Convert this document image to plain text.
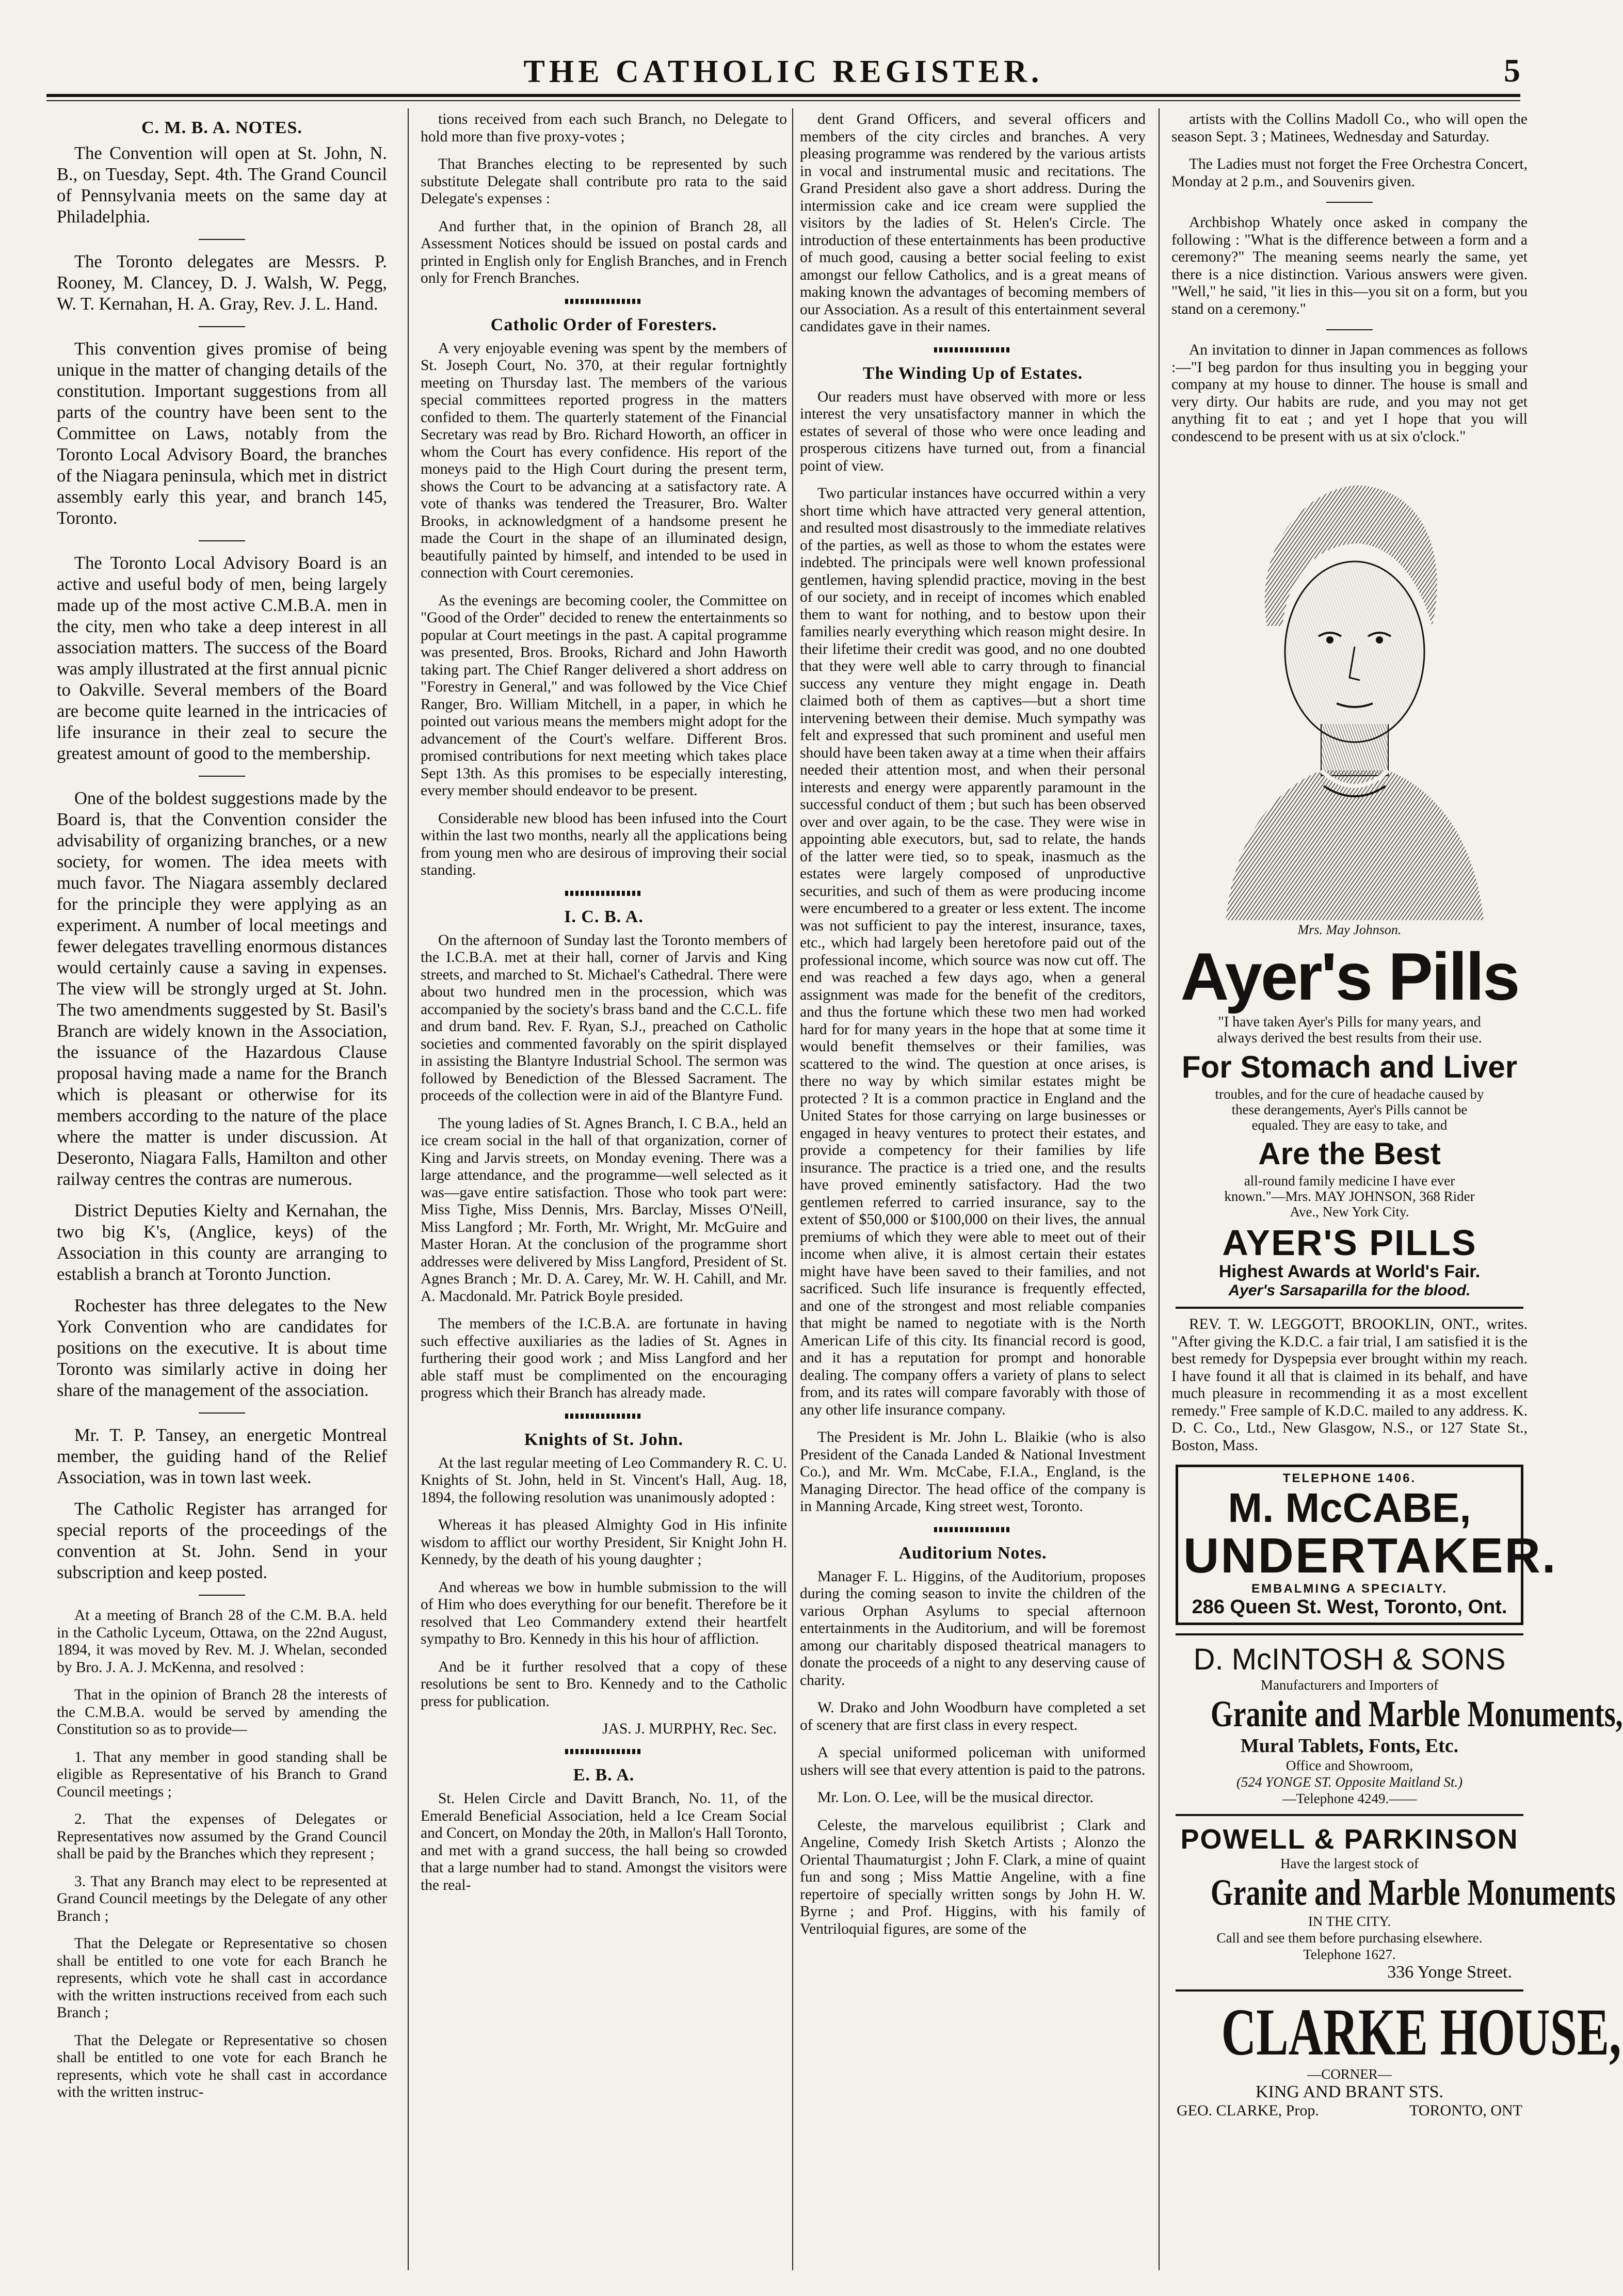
THE CATHOLIC REGISTER.	5
C. M. B. A. NOTES.

The Convention will open at St. John, N. B., on Tuesday, Sept. 4th. The Grand Council of Pennsylvania meets on the same day at Philadelphia.

The Toronto delegates are Messrs. P. Rooney, M. Clancey, D. J. Walsh, W. Pegg, W. T. Kernahan, H. A. Gray, Rev. J. L. Hand.

This convention gives promise of being unique in the matter of changing details of the constitution. Important suggestions from all parts of the country have been sent to the Committee on Laws, notably from the Toronto Local Advisory Board, the branches of the Niagara peninsula, which met in district assembly early this year, and branch 145, Toronto.

The Toronto Local Advisory Board is an active and useful body of men, being largely made up of the most active C.M.B.A. men in the city, men who take a deep interest in all association matters. The success of the Board was amply illustrated at the first annual picnic to Oakville. Several members of the Board are become quite learned in the intricacies of life insurance in their zeal to secure the greatest amount of good to the membership.

One of the boldest suggestions made by the Board is, that the Convention consider the advisability of organizing branches, or a new society, for women. The idea meets with much favor. The Niagara assembly declared for the principle they were applying as an experiment. A number of local meetings and fewer delegates travelling enormous distances would certainly cause a saving in expenses. The view will be strongly urged at St. John. The two amendments suggested by St. Basil's Branch are widely known in the Association, the issuance of the Hazardous Clause proposal having made a name for the Branch which is pleasant or otherwise for its members according to the nature of the place where the matter is under discussion. At Deseronto, Niagara Falls, Hamilton and other railway centres the contras are numerous.

District Deputies Kielty and Kernahan, the two big K's, (Anglice, keys) of the Association in this county are arranging to establish a branch at Toronto Junction.

Rochester has three delegates to the New York Convention who are candidates for positions on the executive. It is about time Toronto was similarly active in doing her share of the management of the association.

Mr. T. P. Tansey, an energetic Montreal member, the guiding hand of the Relief Association, was in town last week.

The Catholic Register has arranged for special reports of the proceedings of the convention at St. John. Send in your subscription and keep posted.

At a meeting of Branch 28 of the C.M. B.A. held in the Catholic Lyceum, Ottawa, on the 22nd August, 1894, it was moved by Rev. M. J. Whelan, seconded by Bro. J. A. J. McKenna, and resolved :

That in the opinion of Branch 28 the interests of the C.M.B.A. would be served by amending the Constitution so as to provide—

1. That any member in good standing shall be eligible as Representative of his Branch to Grand Council meetings ;

2. That the expenses of Delegates or Representatives now assumed by the Grand Council shall be paid by the Branches which they represent ;

3. That any Branch may elect to be represented at Grand Council meetings by the Delegate of any other Branch ;

That the Delegate or Representative so chosen shall be entitled to one vote for each Branch he represents, which vote he shall cast in accordance with the written instructions received from each such Branch ;

That the Delegate or Representative so chosen shall be entitled to one vote for each Branch he represents, which vote he shall cast in accordance with the written instruc-

tions received from each such Branch, no Delegate to hold more than five proxy-votes ;

That Branches electing to be represented by such substitute Delegate shall contribute pro rata to the said Delegate's expenses :

And further that, in the opinion of Branch 28, all Assessment Notices should be issued on postal cards and printed in English only for English Branches, and in French only for French Branches.

Catholic Order of Foresters.

A very enjoyable evening was spent by the members of St. Joseph Court, No. 370, at their regular fortnightly meeting on Thursday last. The members of the various special committees reported progress in the matters confided to them. The quarterly statement of the Financial Secretary was read by Bro. Richard Howorth, an officer in whom the Court has every confidence. His report of the moneys paid to the High Court during the present term, shows the Court to be advancing at a satisfactory rate. A vote of thanks was tendered the Treasurer, Bro. Walter Brooks, in acknowledgment of a handsome present he made the Court in the shape of an illuminated design, beautifully painted by himself, and intended to be used in connection with Court ceremonies.

As the evenings are becoming cooler, the Committee on "Good of the Order" decided to renew the entertainments so popular at Court meetings in the past. A capital programme was presented, Bros. Brooks, Richard and John Haworth taking part. The Chief Ranger delivered a short address on "Forestry in General," and was followed by the Vice Chief Ranger, Bro. William Mitchell, in a paper, in which he pointed out various means the members might adopt for the advancement of the Court's welfare. Different Bros. promised contributions for next meeting which takes place Sept 13th. As this promises to be especially interesting, every member should endeavor to be present.

Considerable new blood has been infused into the Court within the last two months, nearly all the applications being from young men who are desirous of improving their social standing.

I. C. B. A.

On the afternoon of Sunday last the Toronto members of the I.C.B.A. met at their hall, corner of Jarvis and King streets, and marched to St. Michael's Cathedral. There were about two hundred men in the procession, which was accompanied by the society's brass band and the C.C.L. fife and drum band. Rev. F. Ryan, S.J., preached on Catholic societies and commented favorably on the spirit displayed in assisting the Blantyre Industrial School. The sermon was followed by Benediction of the Blessed Sacrament. The proceeds of the collection were in aid of the Blantyre Fund.

The young ladies of St. Agnes Branch, I. C B.A., held an ice cream social in the hall of that organization, corner of King and Jarvis streets, on Monday evening. There was a large attendance, and the programme—well selected as it was—gave entire satisfaction. Those who took part were: Miss Tighe, Miss Dennis, Mrs. Barclay, Misses O'Neill, Miss Langford ; Mr. Forth, Mr. Wright, Mr. McGuire and Master Horan. At the conclusion of the programme short addresses were delivered by Miss Langford, President of St. Agnes Branch ; Mr. D. A. Carey, Mr. W. H. Cahill, and Mr. A. Macdonald. Mr. Patrick Boyle presided.

The members of the I.C.B.A. are fortunate in having such effective auxiliaries as the ladies of St. Agnes in furthering their good work ; and Miss Langford and her able staff must be complimented on the encouraging progress which their Branch has already made.

Knights of St. John.

At the last regular meeting of Leo Commandery R. C. U. Knights of St. John, held in St. Vincent's Hall, Aug. 18, 1894, the following resolution was unanimously adopted :

Whereas it has pleased Almighty God in His infinite wisdom to afflict our worthy President, Sir Knight John H. Kennedy, by the death of his young daughter ;

And whereas we bow in humble submission to the will of Him who does everything for our benefit. Therefore be it resolved that Leo Commandery extend their heartfelt sympathy to Bro. Kennedy in this his hour of affliction.

And be it further resolved that a copy of these resolutions be sent to Bro. Kennedy and to the Catholic press for publication.

JAS. J. MURPHY, Rec. Sec.
E. B. A.

St. Helen Circle and Davitt Branch, No. 11, of the Emerald Beneficial Association, held a Ice Cream Social and Concert, on Monday the 20th, in Mallon's Hall Toronto, and met with a grand success, the hall being so crowded that a large number had to stand. Amongst the visitors were the real-

dent Grand Officers, and several officers and members of the city circles and branches. A very pleasing programme was rendered by the various artists in vocal and instrumental music and recitations. The Grand President also gave a short address. During the intermission cake and ice cream were supplied the visitors by the ladies of St. Helen's Circle. The introduction of these entertainments has been productive of much good, causing a better social feeling to exist amongst our fellow Catholics, and is a great means of making known the advantages of becoming members of our Association. As a result of this entertainment several candidates gave in their names.

The Winding Up of Estates.

Our readers must have observed with more or less interest the very unsatisfactory manner in which the estates of several of those who were once leading and prosperous citizens have turned out, from a financial point of view.

Two particular instances have occurred within a very short time which have attracted very general attention, and resulted most disastrously to the immediate relatives of the parties, as well as those to whom the estates were indebted. The principals were well known professional gentlemen, having splendid practice, moving in the best of our society, and in receipt of incomes which enabled them to want for nothing, and to bestow upon their families nearly everything which reason might desire. In their lifetime their credit was good, and no one doubted that they were well able to carry through to financial success any venture they might engage in. Death claimed both of them as captives—but a short time intervening between their demise. Much sympathy was felt and expressed that such prominent and useful men should have been taken away at a time when their affairs needed their attention most, and when their personal interests and energy were apparently paramount in the successful conduct of them ; but such has been observed over and over again, to be the case. They were wise in appointing able executors, but, sad to relate, the hands of the latter were tied, so to speak, inasmuch as the estates were largely composed of unproductive securities, and such of them as were producing income were encumbered to a greater or less extent. The income was not sufficient to pay the interest, insurance, taxes, etc., which had largely been heretofore paid out of the professional income, which source was now cut off. The end was reached a few days ago, when a general assignment was made for the benefit of the creditors, and thus the fortune which these two men had worked hard for for many years in the hope that at some time it would benefit themselves or their families, was scattered to the wind. The question at once arises, is there no way by which similar estates might be protected ? It is a common practice in England and the United States for those carrying on large businesses or engaged in heavy ventures to protect their estates, and provide a competency for their families by life insurance. The practice is a tried one, and the results have proved eminently satisfactory. Had the two gentlemen referred to carried insurance, say to the extent of $50,000 or $100,000 on their lives, the annual premiums of which they were able to meet out of their income when alive, it is almost certain their estates might have have been saved to their families, and not sacrificed. Such life insurance is frequently effected, and one of the strongest and most reliable companies that might be named to negotiate with is the North American Life of this city. Its financial record is good, and it has a reputation for prompt and honorable dealing. The company offers a variety of plans to select from, and its rates will compare favorably with those of any other life insurance company.

The President is Mr. John L. Blaikie (who is also President of the Canada Landed & National Investment Co.), and Mr. Wm. McCabe, F.I.A., England, is the Managing Director. The head office of the company is in Manning Arcade, King street west, Toronto.

Auditorium Notes.

Manager F. L. Higgins, of the Auditorium, proposes during the coming season to invite the children of the various Orphan Asylums to special afternoon entertainments in the Auditorium, and will be foremost among our charitably disposed theatrical managers to donate the proceeds of a night to any deserving cause of charity.

W. Drako and John Woodburn have completed a set of scenery that are first class in every respect.

A special uniformed policeman with uniformed ushers will see that every attention is paid to the patrons.

Mr. Lon. O. Lee, will be the musical director.

Celeste, the marvelous equilibrist ; Clark and Angeline, Comedy Irish Sketch Artists ; Alonzo the Oriental Thaumaturgist ; John F. Clark, a mine of quaint fun and song ; Miss Mattie Angeline, with a fine repertoire of specially written songs by John H. W. Byrne ; and Prof. Higgins, with his family of Ventriloquial figures, are some of the

artists with the Collins Madoll Co., who will open the season Sept. 3 ; Matinees, Wednesday and Saturday.

The Ladies must not forget the Free Orchestra Concert, Monday at 2 p.m., and Souvenirs given.

Archbishop Whately once asked in company the following : "What is the difference between a form and a ceremony?" The meaning seems nearly the same, yet there is a nice distinction. Various answers were given. "Well," he said, "it lies in this—you sit on a form, but you stand on a ceremony."

An invitation to dinner in Japan commences as follows :—"I beg pardon for thus insulting you in begging your company at my house to dinner. The house is small and very dirty. Our habits are rude, and you may not get anything fit to eat ; and yet I hope that you will condescend to be present with us at six o'clock."

Mrs. May Johnson.
Ayer's Pills
"I have taken Ayer's Pills for many years, and always derived the best results from their use.
For Stomach and Liver
troubles, and for the cure of headache caused by these derangements, Ayer's Pills cannot be equaled. They are easy to take, and
Are the Best
all-round family medicine I have ever known."—Mrs. MAY JOHNSON, 368 Rider Ave., New York City.
AYER'S PILLS
Highest Awards at World's Fair.
Ayer's Sarsaparilla for the blood.

REV. T. W. LEGGOTT, BROOKLIN, ONT., writes. "After giving the K.D.C. a fair trial, I am satisfied it is the best remedy for Dyspepsia ever brought within my reach. I have found it all that is claimed in its behalf, and have much pleasure in recommending it as a most excellent remedy." Free sample of K.D.C. mailed to any address. K. D. C. Co., Ltd., New Glasgow, N.S., or 127 State St., Boston, Mass.

TELEPHONE 1406.
M. McCABE,
UNDERTAKER.
EMBALMING A SPECIALTY.
286 Queen St. West, Toronto, Ont.
D. McINTOSH & SONS
Manufacturers and Importers of
Granite and Marble Monuments,
Mural Tablets, Fonts, Etc.
Office and Showroom,
(524 YONGE ST. Opposite Maitland St.)
—Telephone 4249.——
POWELL & PARKINSON
Have the largest stock of
Granite and Marble Monuments
IN THE CITY.
Call and see them before purchasing elsewhere. Telephone 1627.
336 Yonge Street.
CLARKE HOUSE,
—CORNER—
KING AND BRANT STS.
GEO. CLARKE, Prop.	TORONTO, ONT
